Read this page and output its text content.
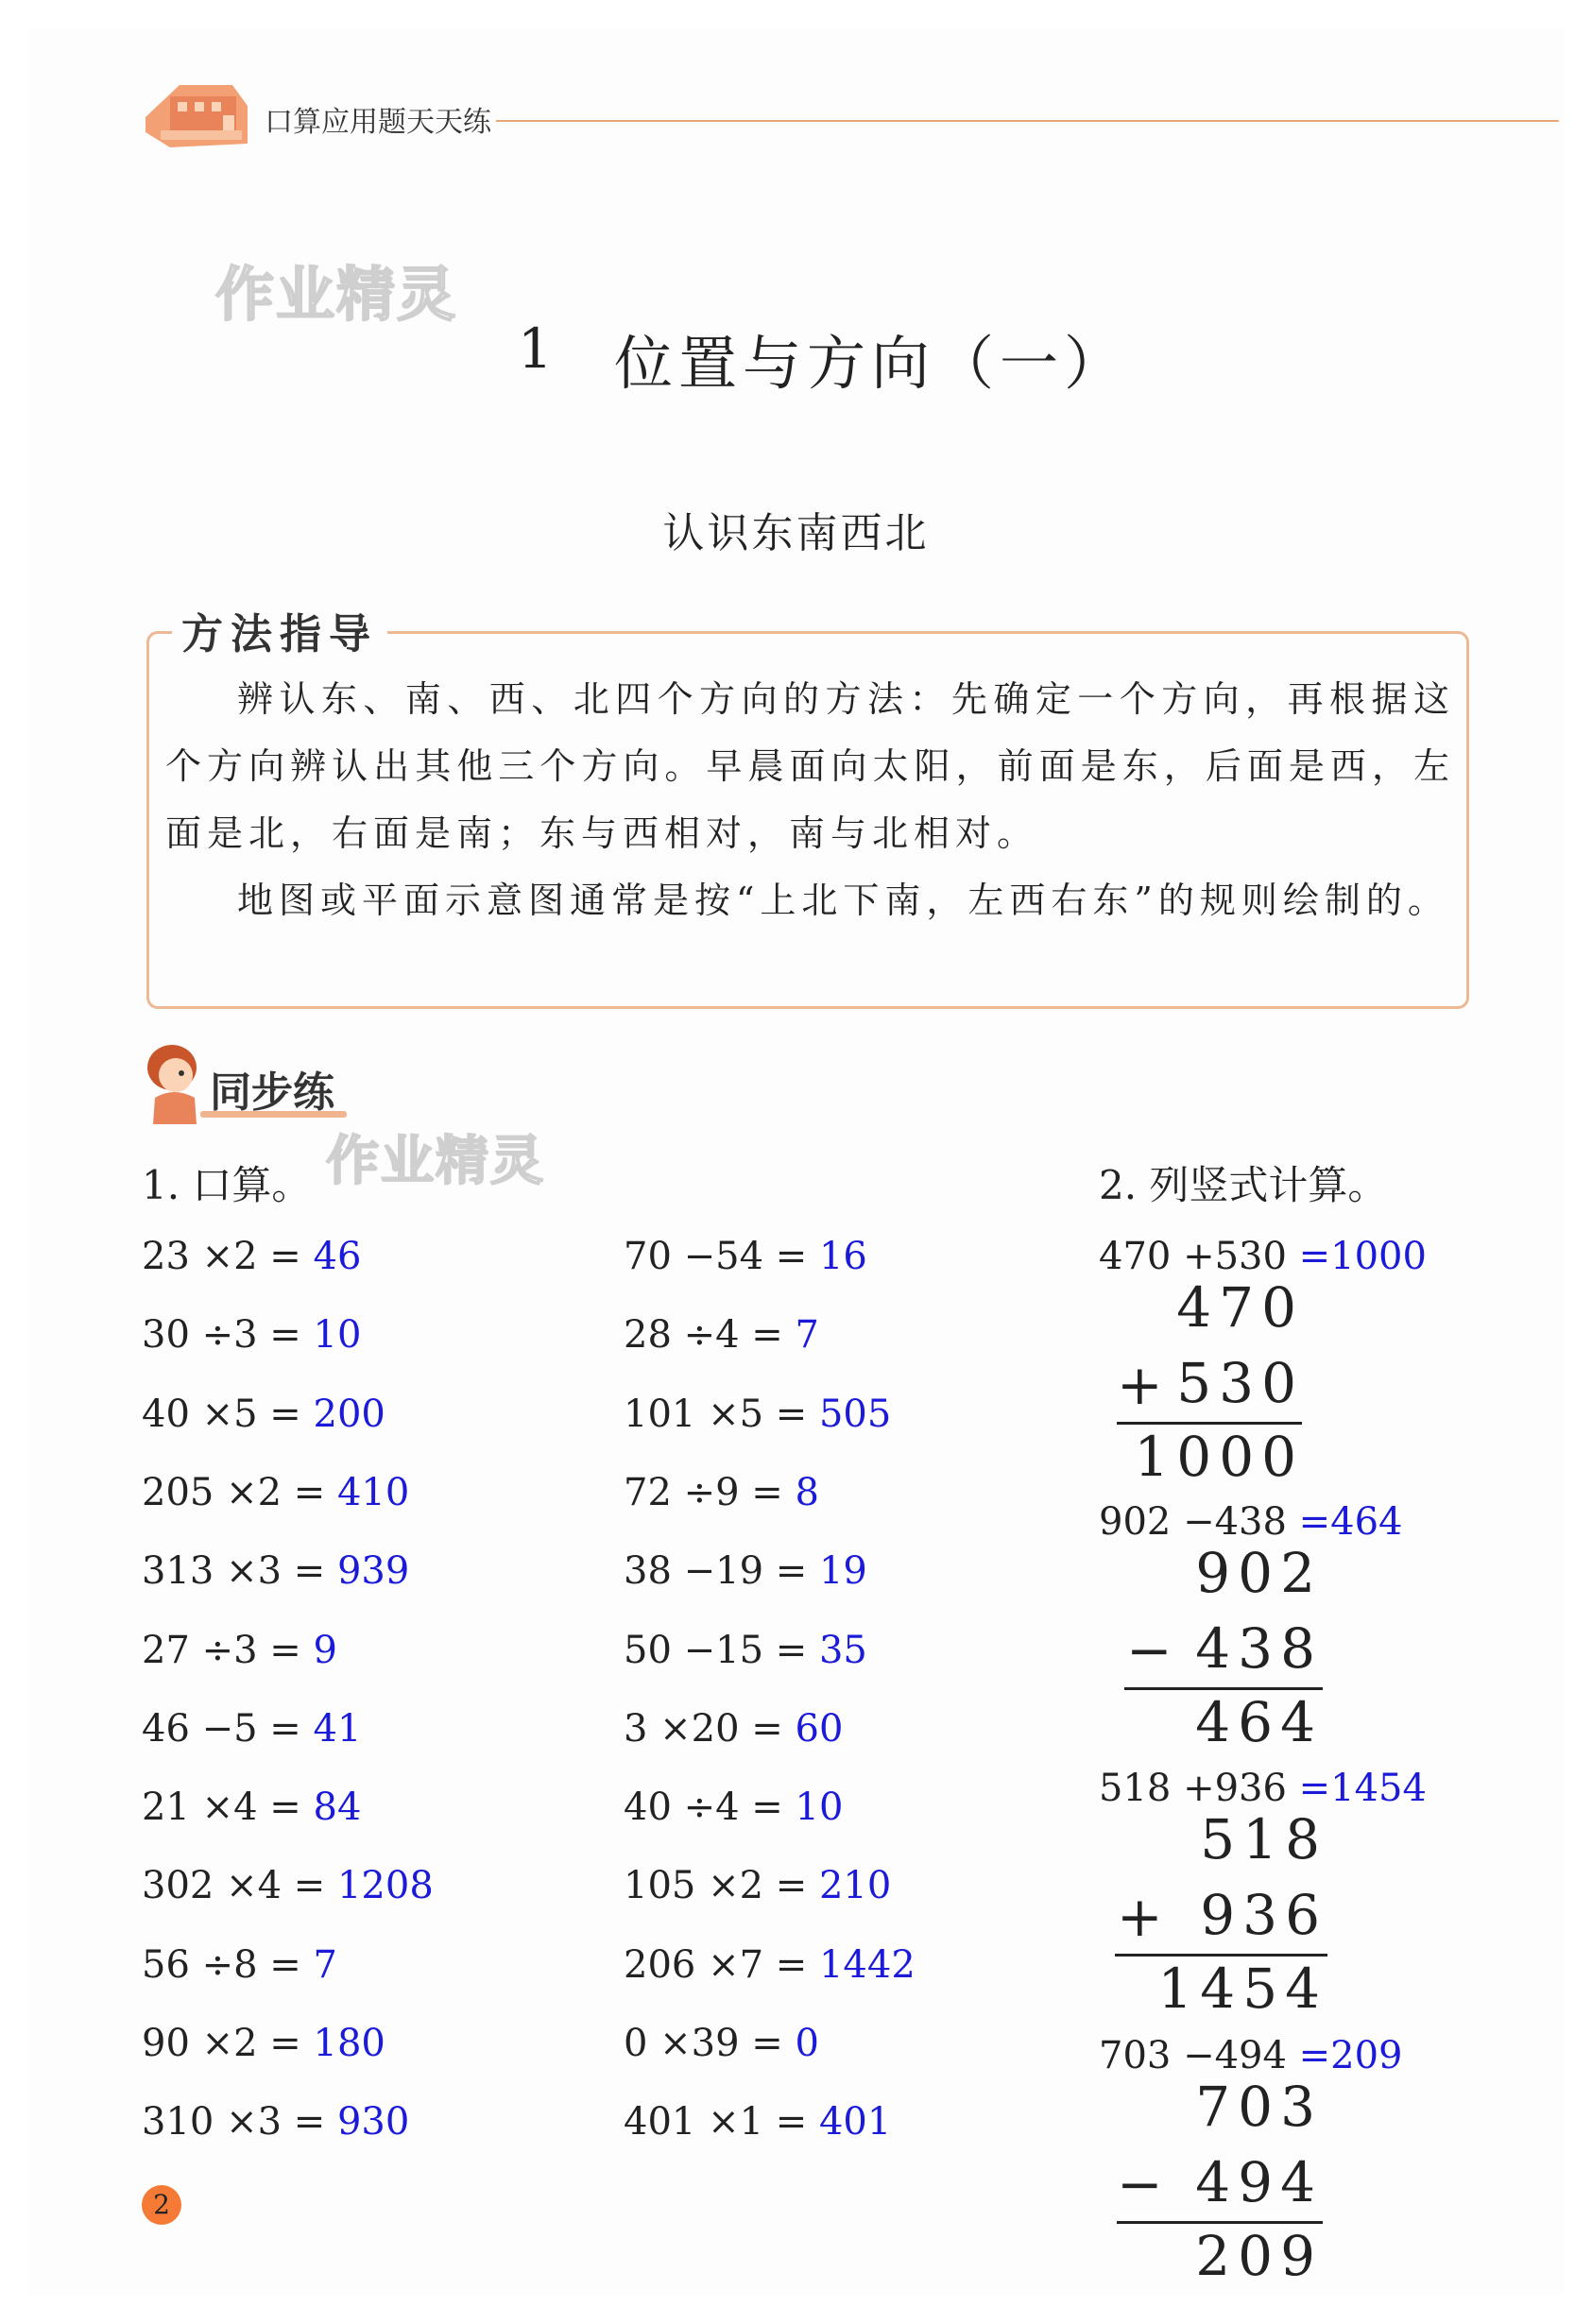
口算应用题天天练
作业精灵
作业精灵
1 位置与方向（一）
认识东南西北
方法指导

辨认东、南、西、北四个方向的方法：先确定一个方向，再根据这个方向辨认出其他三个方向。早晨面向太阳，前面是东，后面是西，左面是北，右面是南；东与西相对，南与北相对。

地图或平面示意图通常是按“上北下南，左西右东”的规则绘制的。

同步练
1. 口算。
23 ×2 = 46
30 ÷3 = 10
40 ×5 = 200
205 ×2 = 410
313 ×3 = 939
27 ÷3 = 9
46 −5 = 41
21 ×4 = 84
302 ×4 = 1208
56 ÷8 = 7
90 ×2 = 180
310 ×3 = 930
70 −54 = 16
28 ÷4 = 7
101 ×5 = 505
72 ÷9 = 8
38 −19 = 19
50 −15 = 35
3 ×20 = 60
40 ÷4 = 10
105 ×2 = 210
206 ×7 = 1442
0 ×39 = 0
401 ×1 = 401
2. 列竖式计算。
470 +530 =1000
470
+ 530
1000
902 −438 =464
902
− 438
464
518 +936 =1454
518
+ 936
1454
703 −494 =209
703
− 494
209
2
